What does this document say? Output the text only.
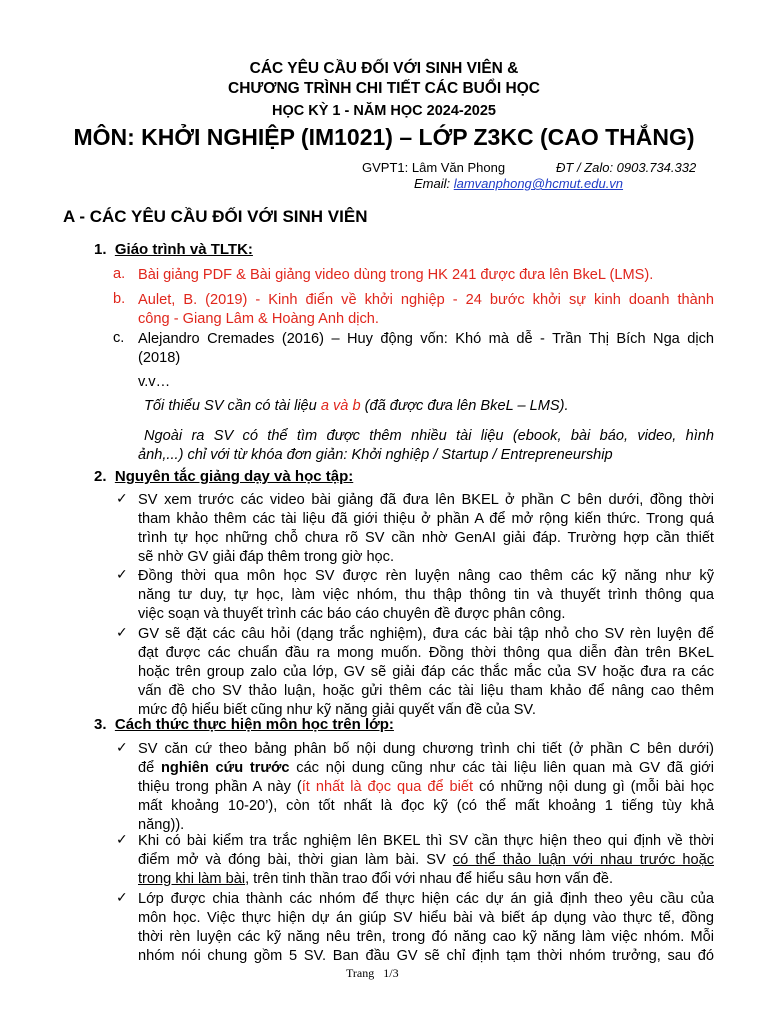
CÁC YÊU CẦU ĐỐI VỚI SINH VIÊN &
CHƯƠNG TRÌNH CHI TIẾT CÁC BUỔI HỌC
HỌC KỲ 1 - NĂM HỌC 2024-2025
MÔN: KHỞI NGHIỆP (IM1021) – LỚP Z3KC (CAO THẮNG)
GVPT1: Lâm Văn Phong	ĐT / Zalo: 0903.734.332
Email: lamvanphong@hcmut.edu.vn
A - CÁC YÊU CẦU ĐỐI VỚI SINH VIÊN
1. Giáo trình và TLTK:
a. Bài giảng PDF & Bài giảng video dùng trong HK 241 được đưa lên BkeL (LMS).
b. Aulet, B. (2019) - Kinh điển về khởi nghiệp - 24 bước khởi sự kinh doanh thành
công - Giang Lâm & Hoàng Anh dịch.
c. Alejandro Cremades (2016) – Huy động vốn: Khó mà dễ - Trần Thị Bích Nga dịch
(2018)
v.v…
Tối thiểu SV cần có tài liệu a và b (đã được đưa lên BkeL – LMS).
Ngoài ra SV có thể tìm được thêm nhiều tài liệu (ebook, bài báo, video, hình
ảnh,...) chỉ với từ khóa đơn giản: Khởi nghiệp / Startup / Entrepreneurship
2. Nguyên tắc giảng dạy và học tập:
✓ SV xem trước các video bài giảng đã đưa lên BKEL ở phần C bên dưới, đồng thời
tham khảo thêm các tài liệu đã giới thiệu ở phần A để mở rộng kiến thức. Trong quá
trình tự học những chỗ chưa rõ SV cần nhờ GenAI giải đáp. Trường hợp cần thiết
sẽ nhờ GV giải đáp thêm trong giờ học.
✓ Đồng thời qua môn học SV được rèn luyện nâng cao thêm các kỹ năng như kỹ
năng tư duy, tự học, làm việc nhóm, thu thập thông tin và thuyết trình thông qua
việc soạn và thuyết trình các báo cáo chuyên đề được phân công.
✓ GV sẽ đặt các câu hỏi (dạng trắc nghiệm), đưa các bài tập nhỏ cho SV rèn luyện để
đạt được các chuẩn đầu ra mong muốn. Đồng thời thông qua diễn đàn trên BKeL
hoặc trên group zalo của lớp, GV sẽ giải đáp các thắc mắc của SV hoặc đưa ra các
vấn đề cho SV thảo luận, hoặc gửi thêm các tài liệu tham khảo để nâng cao thêm
mức độ hiểu biết cũng như kỹ năng giải quyết vấn đề của SV.
3. Cách thức thực hiện môn học trên lớp:
✓ SV căn cứ theo bảng phân bố nội dung chương trình chi tiết (ở phần C bên dưới)
để nghiên cứu trước các nội dung cũng như các tài liệu liên quan mà GV đã giới
thiệu trong phần A này (ít nhất là đọc qua để biết có những nội dung gì (mỗi bài học
mất khoảng 10-20’), còn tốt nhất là đọc kỹ (có thể mất khoảng 1 tiếng tùy khả
năng)).
✓ Khi có bài kiểm tra trắc nghiệm lên BKEL thì SV cần thực hiện theo qui định về thời
điểm mở và đóng bài, thời gian làm bài. SV có thể thảo luận với nhau trước hoặc
trong khi làm bài, trên tinh thần trao đổi với nhau để hiểu sâu hơn vấn đề.
✓ Lớp được chia thành các nhóm để thực hiện các dự án giả định theo yêu cầu của
môn học. Việc thực hiện dự án giúp SV hiểu bài và biết áp dụng vào thực tế, đồng
thời rèn luyện các kỹ năng nêu trên, trong đó năng cao kỹ năng làm việc nhóm. Mỗi
nhóm nói chung gồm 5 SV. Ban đầu GV sẽ chỉ định tạm thời nhóm trưởng, sau đó
Trang 1/3
